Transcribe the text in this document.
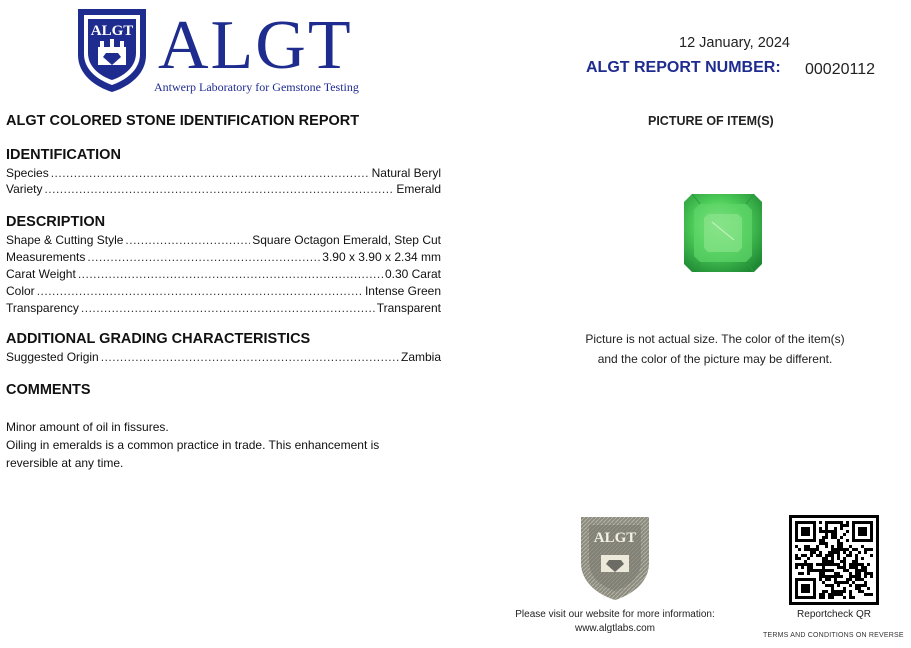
ALGT ALGT
Antwerp Laboratory for Gemstone Testing
12 January, 2024
ALGT REPORT NUMBER: 00020112
ALGT COLORED STONE IDENTIFICATION REPORT
IDENTIFICATION
Species .....	Natural Beryl
Variety .....	Emerald
DESCRIPTION
Shape & Cutting Style .....	Square Octagon Emerald, Step Cut
Measurements .....	3.90 x 3.90 x 2.34 mm
Carat Weight .....	0.30 Carat
Color .....	Intense Green
Transparency .....	Transparent
ADDITIONAL GRADING CHARACTERISTICS
Suggested Origin .....	Zambia
COMMENTS
Minor amount of oil in fissures.
Oiling in emeralds is a common practice in trade. This enhancement is
reversible at any time.
PICTURE OF ITEM(S)
Picture is not actual size. The color of the item(s)
and the color of the picture may be different.
ALGT
Please visit our website for more information:
www.algtlabs.com
Reportcheck QR
TERMS AND CONDITIONS ON REVERSE
